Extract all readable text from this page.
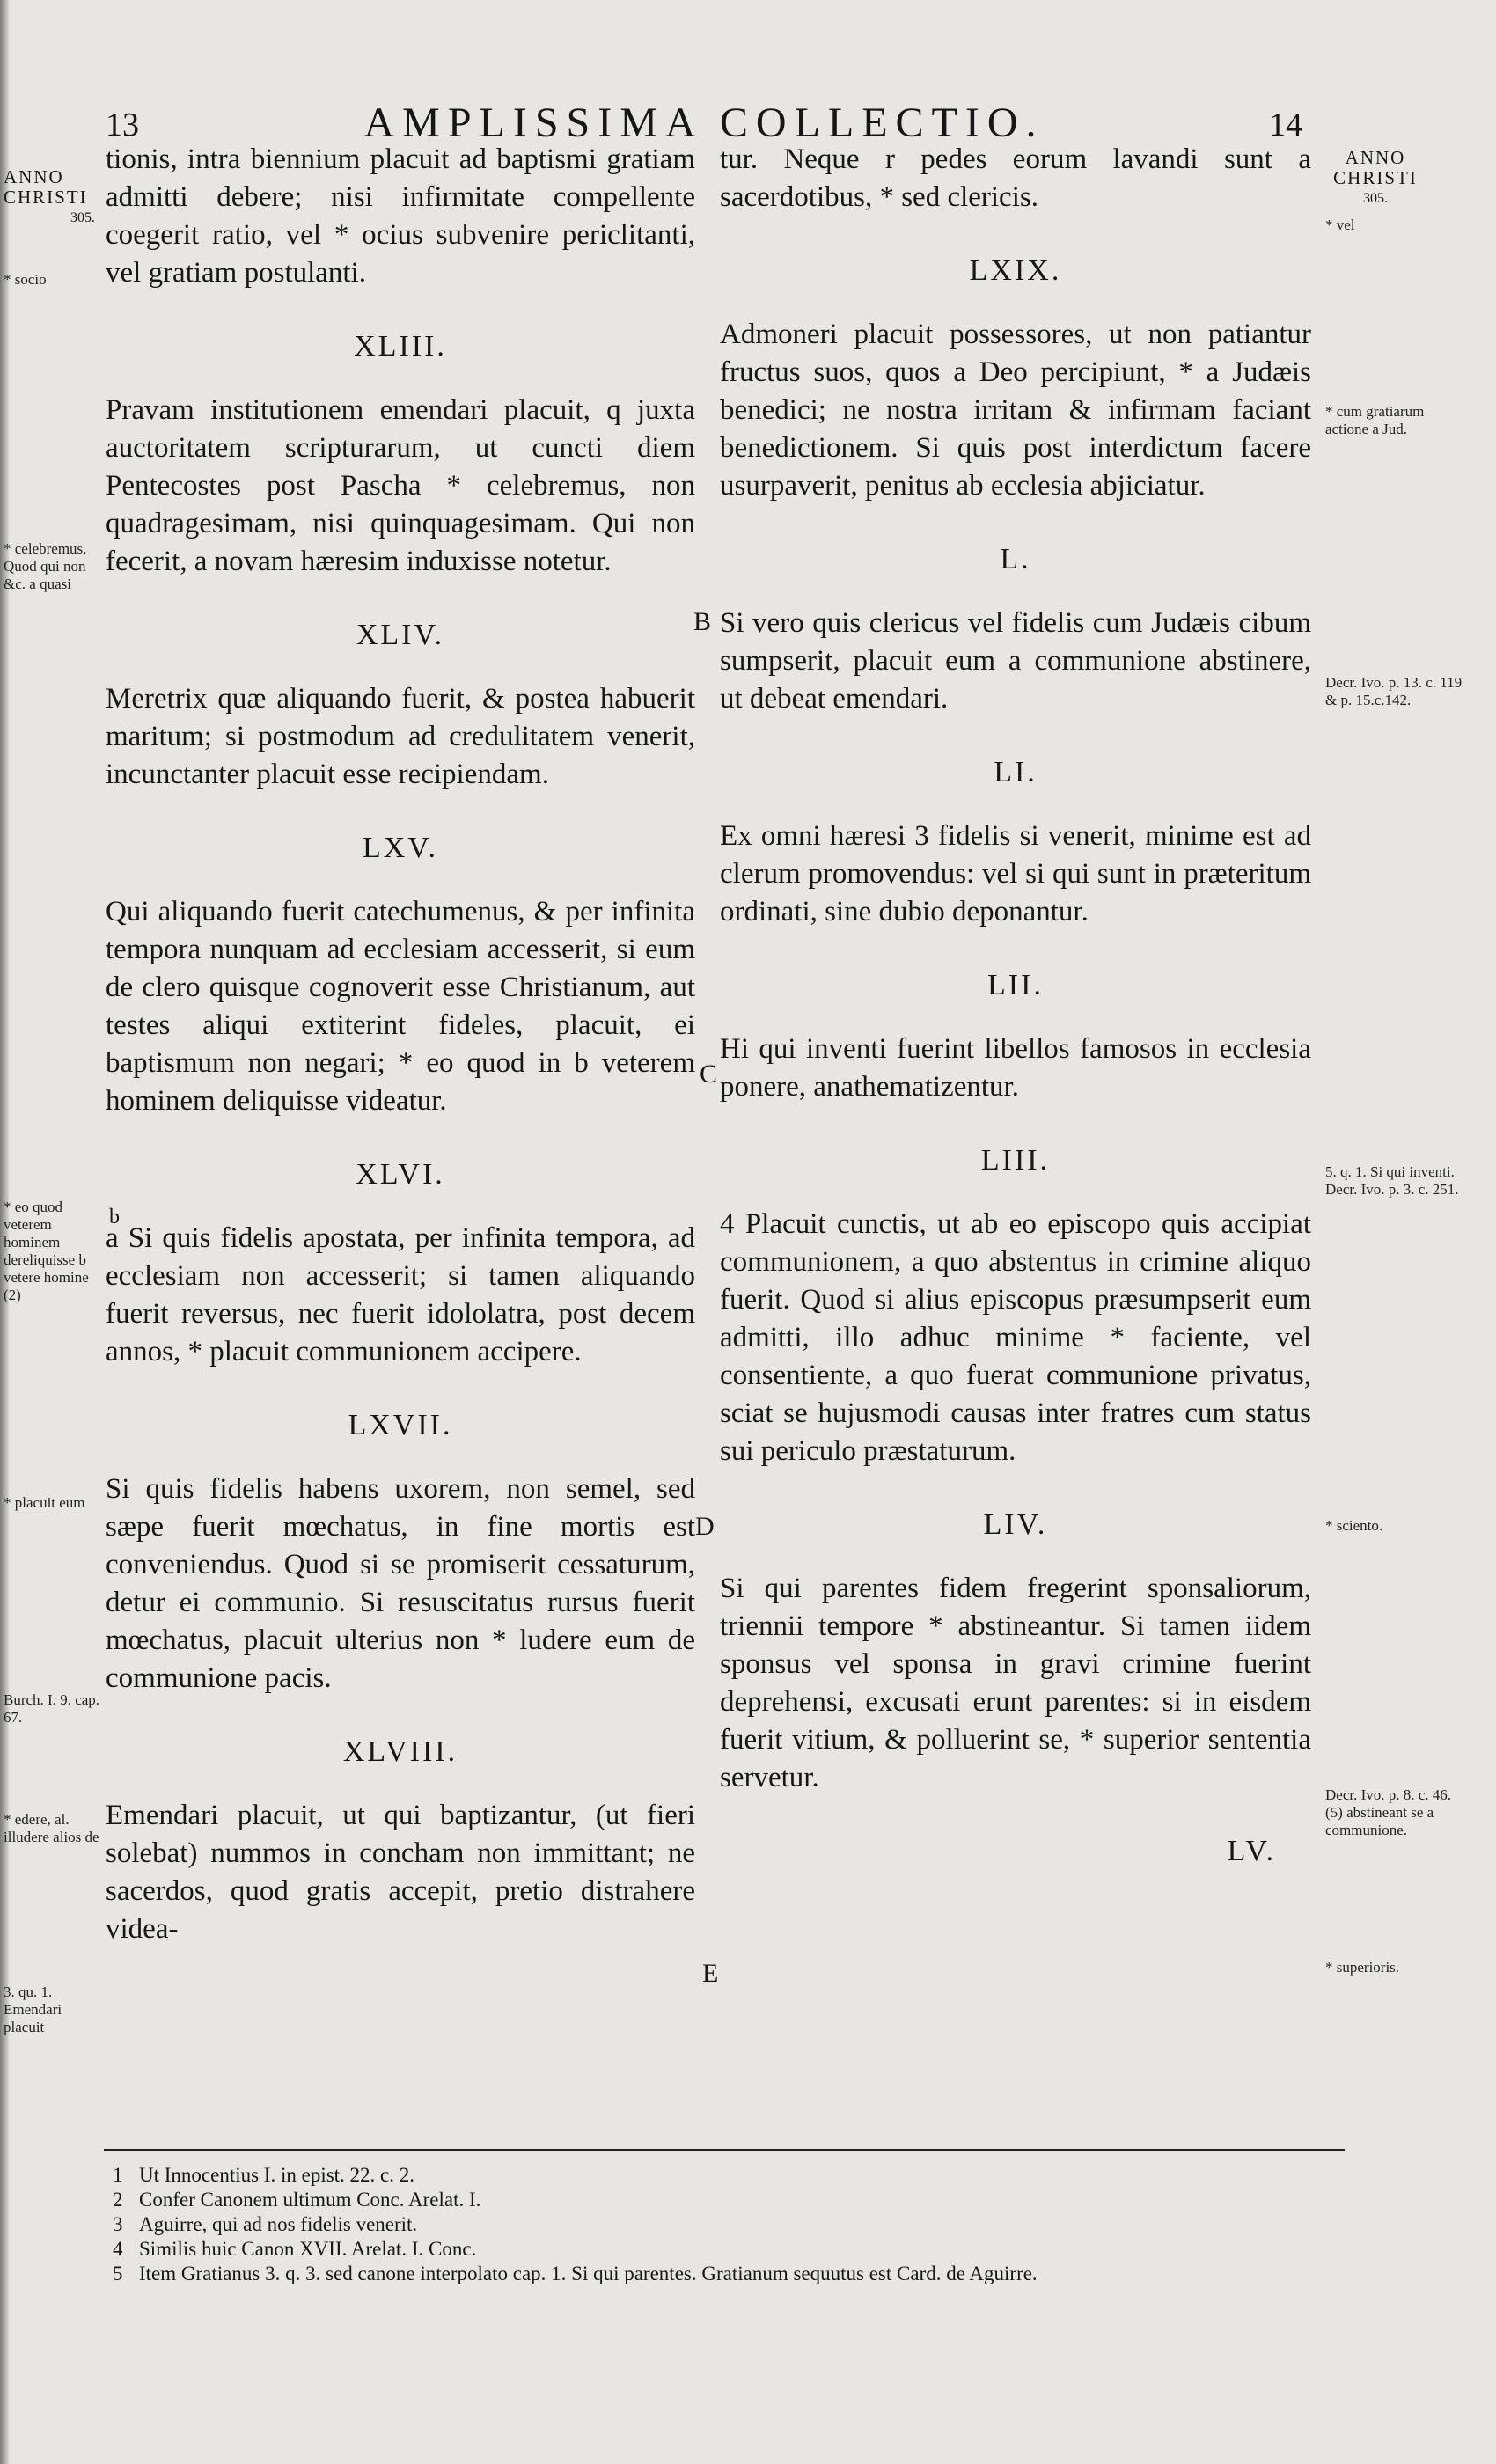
13	AMPLISSIMA COLLECTIO.	14
ANNO
CHRISTI
305.
ANNO
CHRISTI
305.
* socio
* celebremus. Quod qui non &c. a quasi
* eo quod veterem hominem dereliquisse b vetere homine (2)
* placuit eum
Burch. I. 9. cap. 67.
* edere, al. illudere alios de
3. qu. 1. Emendari placuit
* vel
* cum gratiarum actione a Jud.
Decr. Ivo. p. 13. c. 119 & p. 15.c.142.
5. q. 1. Si qui inventi. Decr. Ivo. p. 3. c. 251.
* sciento.
Decr. Ivo. p. 8. c. 46. (5) abstineant se a communione.
* superioris.
B
C
b
D
E

tionis, intra biennium placuit ad baptismi gratiam admitti debere; nisi infirmitate compellente coegerit ratio, vel * ocius subvenire periclitanti, vel gratiam postulanti.

XLIII.

Pravam institutionem emendari placuit, q juxta auctoritatem scripturarum, ut cuncti diem Pentecostes post Pascha * celebremus, non quadragesimam, nisi quinquagesimam. Qui non fecerit, a novam hæresim induxisse notetur.

XLIV.

Meretrix quæ aliquando fuerit, & postea habuerit maritum; si postmodum ad credulitatem venerit, incunctanter placuit esse recipiendam.

LXV.

Qui aliquando fuerit catechumenus, & per infinita tempora nunquam ad ecclesiam accesserit, si eum de clero quisque cognoverit esse Christianum, aut testes aliqui extiterint fideles, placuit, ei baptismum non negari; * eo quod in b veterem hominem deliquisse videatur.

XLVI.

a Si quis fidelis apostata, per infinita tempora, ad ecclesiam non accesserit; si tamen aliquando fuerit reversus, nec fuerit idololatra, post decem annos, * placuit communionem accipere.

LXVII.

Si quis fidelis habens uxorem, non semel, sed sæpe fuerit mœchatus, in fine mortis est conveniendus. Quod si se promiserit cessaturum, detur ei communio. Si resuscitatus rursus fuerit mœchatus, placuit ulterius non * ludere eum de communione pacis.

XLVIII.

Emendari placuit, ut qui baptizantur, (ut fieri solebat) nummos in concham non immittant; ne sacerdos, quod gratis accepit, pretio distrahere videa-

tur. Neque r pedes eorum lavandi sunt a sacerdotibus, * sed clericis.

LXIX.

Admoneri placuit possessores, ut non patiantur fructus suos, quos a Deo percipiunt, * a Judæis benedici; ne nostra irritam & infirmam faciant benedictionem. Si quis post interdictum facere usurpaverit, penitus ab ecclesia abjiciatur.

L.

Si vero quis clericus vel fidelis cum Judæis cibum sumpserit, placuit eum a communione abstinere, ut debeat emendari.

LI.

Ex omni hæresi 3 fidelis si venerit, minime est ad clerum promovendus: vel si qui sunt in præteritum ordinati, sine dubio deponantur.

LII.

Hi qui inventi fuerint libellos famosos in ecclesia ponere, anathematizentur.

LIII.

4 Placuit cunctis, ut ab eo episcopo quis accipiat communionem, a quo abstentus in crimine aliquo fuerit. Quod si alius episcopus præsumpserit eum admitti, illo adhuc minime * faciente, vel consentiente, a quo fuerat communione privatus, sciat se hujusmodi causas inter fratres cum status sui periculo præstaturum.

LIV.

Si qui parentes fidem fregerint sponsaliorum, triennii tempore * abstineantur. Si tamen iidem sponsus vel sponsa in gravi crimine fuerint deprehensi, excusati erunt parentes: si in eisdem fuerit vitium, & polluerint se, * superior sententia servetur.

LV.

1 Ut Innocentius I. in epist. 22. c. 2.

2 Confer Canonem ultimum Conc. Arelat. I.

3 Aguirre, qui ad nos fidelis venerit.

4 Similis huic Canon XVII. Arelat. I. Conc.

5 Item Gratianus 3. q. 3. sed canone interpolato cap. 1. Si qui parentes. Gratianum sequutus est Card. de Aguirre.
